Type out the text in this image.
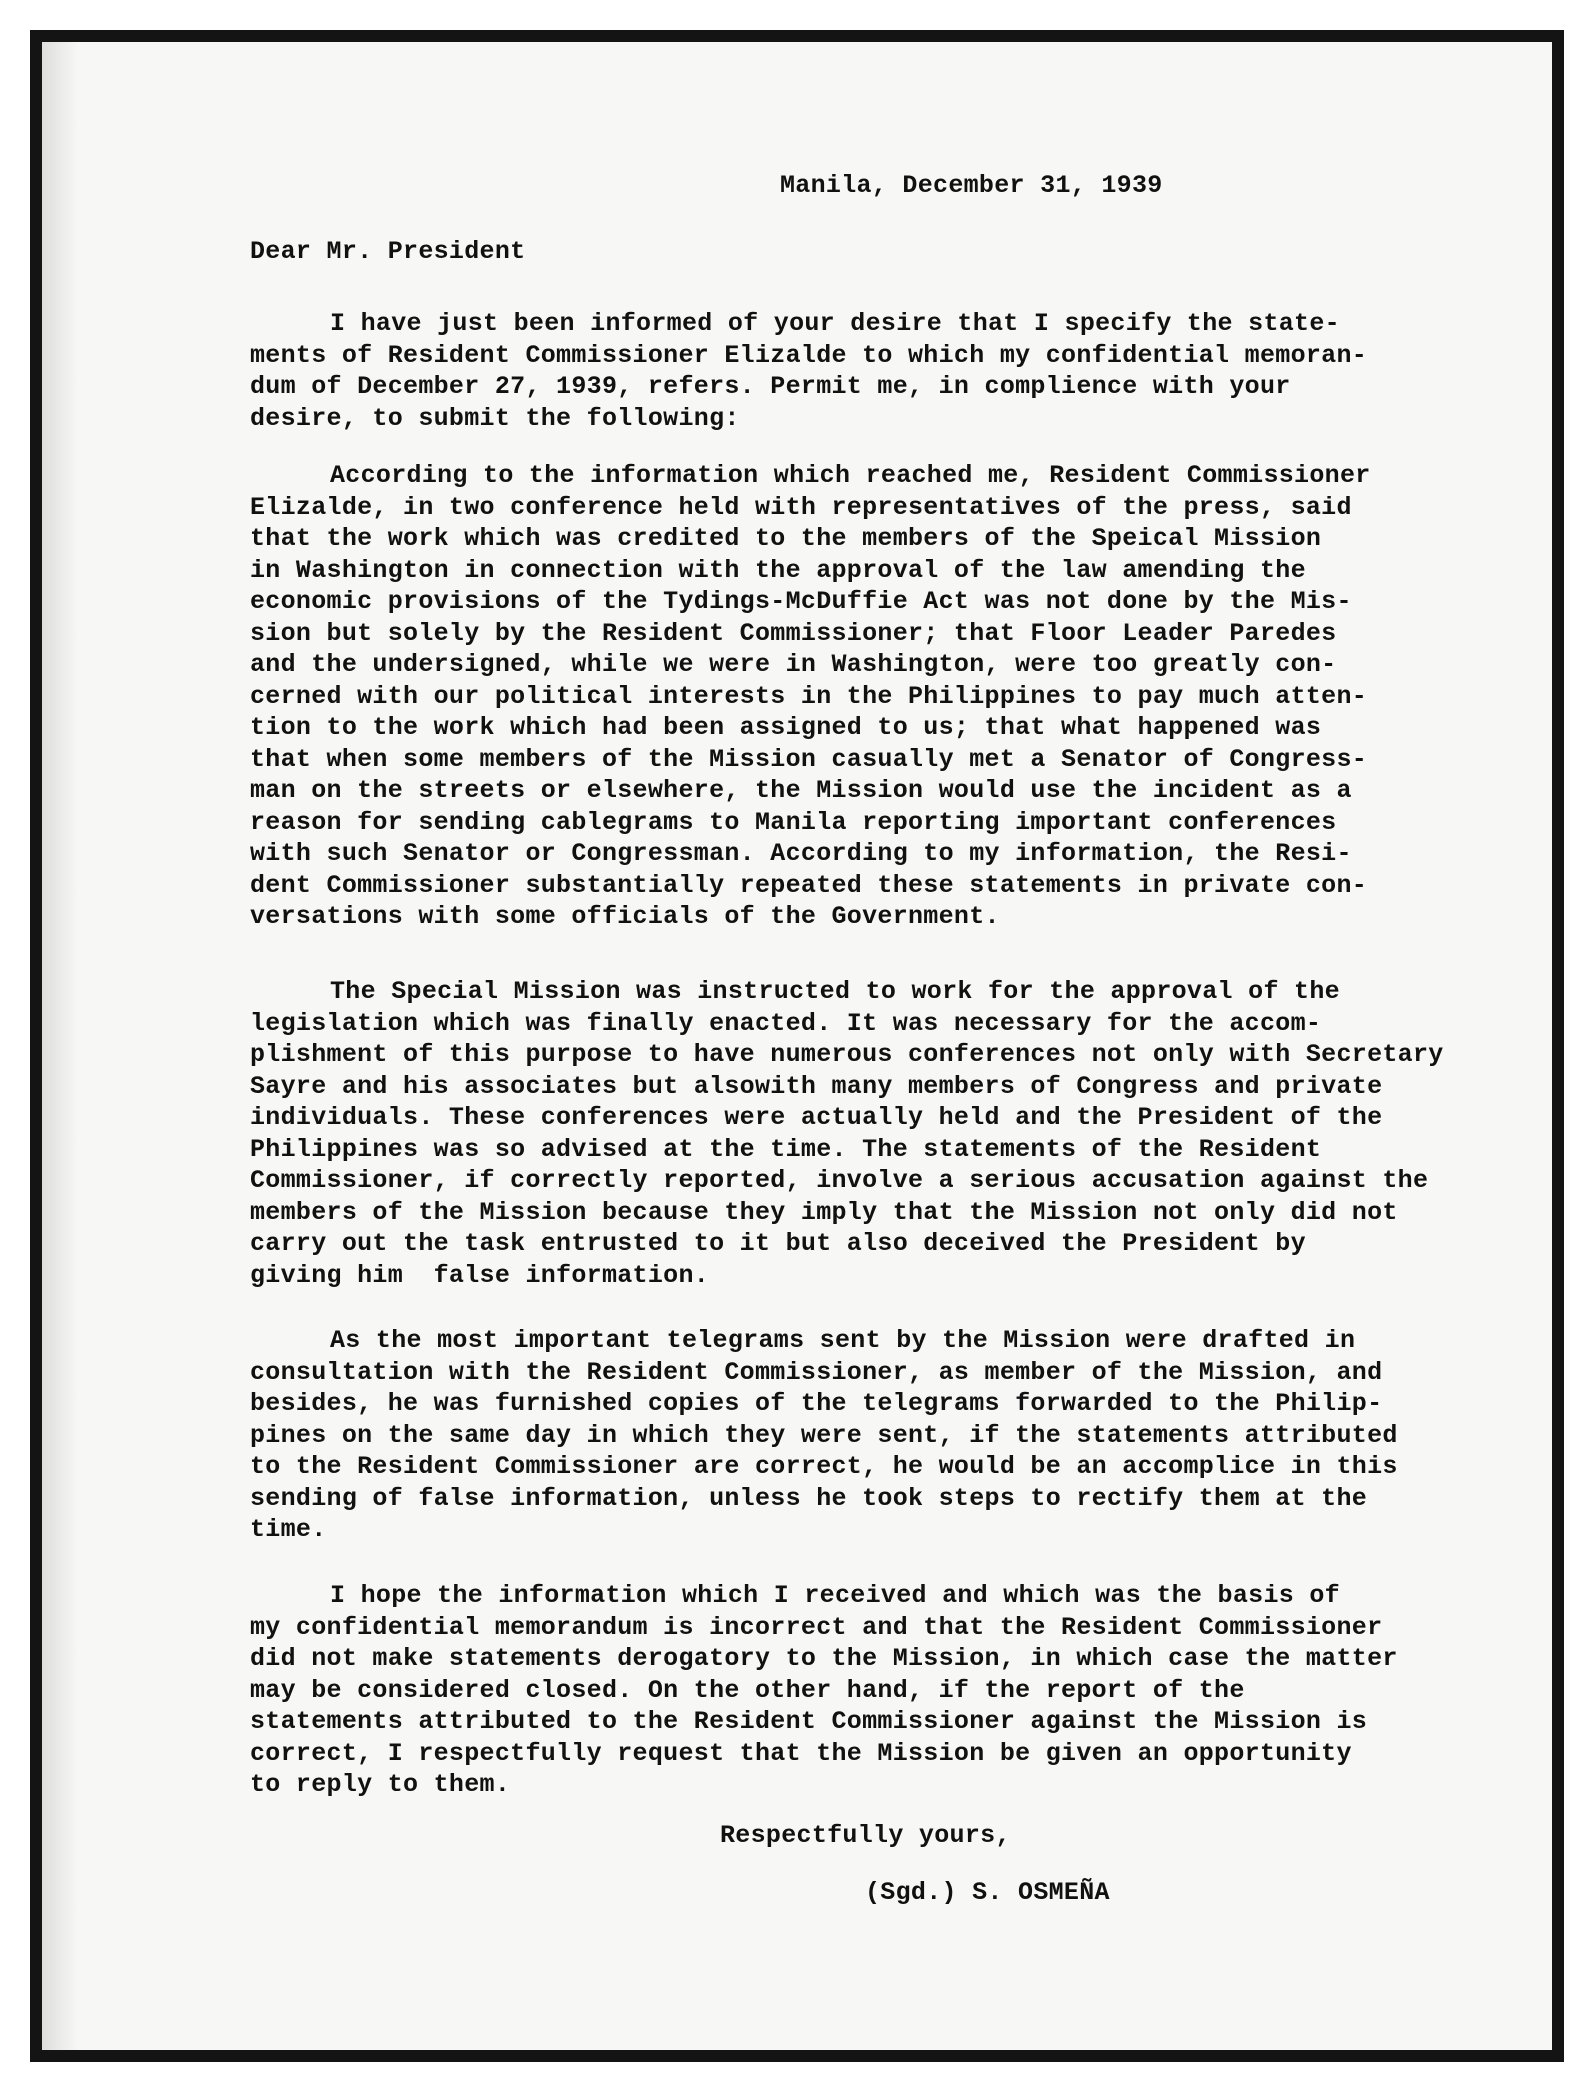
Manila, December 31, 1939
Dear Mr. President
I have just been informed of your desire that I specify the state-
ments of Resident Commissioner Elizalde to which my confidential memoran-
dum of December 27, 1939, refers. Permit me, in complience with your
desire, to submit the following:
According to the information which reached me, Resident Commissioner
Elizalde, in two conference held with representatives of the press, said
that the work which was credited to the members of the Speical Mission
in Washington in connection with the approval of the law amending the
economic provisions of the Tydings-McDuffie Act was not done by the Mis-
sion but solely by the Resident Commissioner; that Floor Leader Paredes
and the undersigned, while we were in Washington, were too greatly con-
cerned with our political interests in the Philippines to pay much atten-
tion to the work which had been assigned to us; that what happened was
that when some members of the Mission casually met a Senator of Congress-
man on the streets or elsewhere, the Mission would use the incident as a
reason for sending cablegrams to Manila reporting important conferences
with such Senator or Congressman. According to my information, the Resi-
dent Commissioner substantially repeated these statements in private con-
versations with some officials of the Government.
The Special Mission was instructed to work for the approval of the
legislation which was finally enacted. It was necessary for the accom-
plishment of this purpose to have numerous conferences not only with Secretary
Sayre and his associates but alsowith many members of Congress and private
individuals. These conferences were actually held and the President of the
Philippines was so advised at the time. The statements of the Resident
Commissioner, if correctly reported, involve a serious accusation against the
members of the Mission because they imply that the Mission not only did not
carry out the task entrusted to it but also deceived the President by
giving him  false information.
As the most important telegrams sent by the Mission were drafted in
consultation with the Resident Commissioner, as member of the Mission, and
besides, he was furnished copies of the telegrams forwarded to the Philip-
pines on the same day in which they were sent, if the statements attributed
to the Resident Commissioner are correct, he would be an accomplice in this
sending of false information, unless he took steps to rectify them at the
time.
I hope the information which I received and which was the basis of
my confidential memorandum is incorrect and that the Resident Commissioner
did not make statements derogatory to the Mission, in which case the matter
may be considered closed. On the other hand, if the report of the
statements attributed to the Resident Commissioner against the Mission is
correct, I respectfully request that the Mission be given an opportunity
to reply to them.
Respectfully yours,
(Sgd.) S. OSMEÑA
